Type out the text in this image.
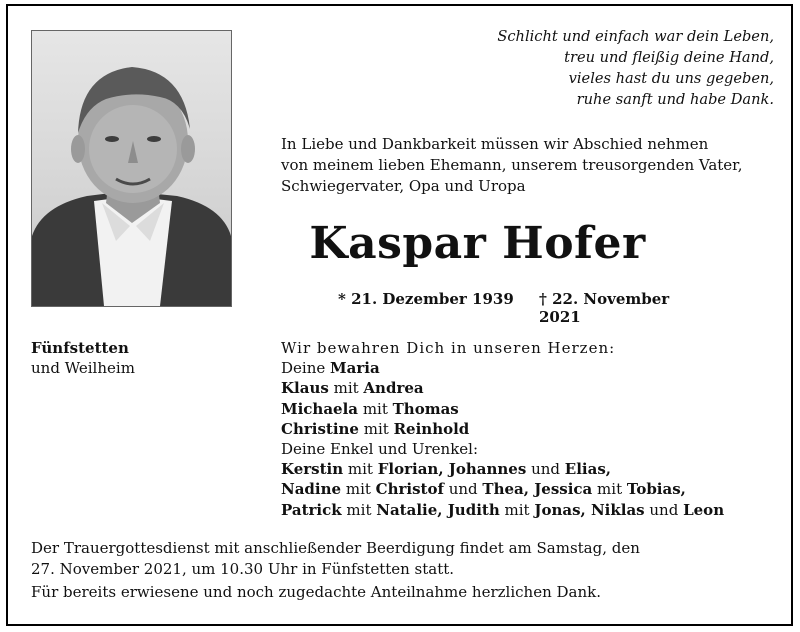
Schlicht und einfach war dein Leben,
treu und fleißig deine Hand,
vieles hast du uns gegeben,
ruhe sanft und habe Dank.
In Liebe und Dankbarkeit müssen wir Abschied nehmen
von meinem lieben Ehemann, unserem treusorgenden Vater,
Schwiegervater, Opa und Uropa
Kaspar Hofer
* 21. Dezember 1939 † 22. November 2021
Fünfstetten
und Weilheim
Wir bewahren Dich in unseren Herzen:
Deine Maria
Klaus mit Andrea
Michaela mit Thomas
Christine mit Reinhold
Deine Enkel und Urenkel:
Kerstin mit Florian, Johannes und Elias,
Nadine mit Christof und Thea, Jessica mit Tobias,
Patrick mit Natalie, Judith mit Jonas, Niklas und Leon
Der Trauergottesdienst mit anschließender Beerdigung findet am Samstag, den
27. November 2021, um 10.30 Uhr in Fünfstetten statt.
Für bereits erwiesene und noch zugedachte Anteilnahme herzlichen Dank.
